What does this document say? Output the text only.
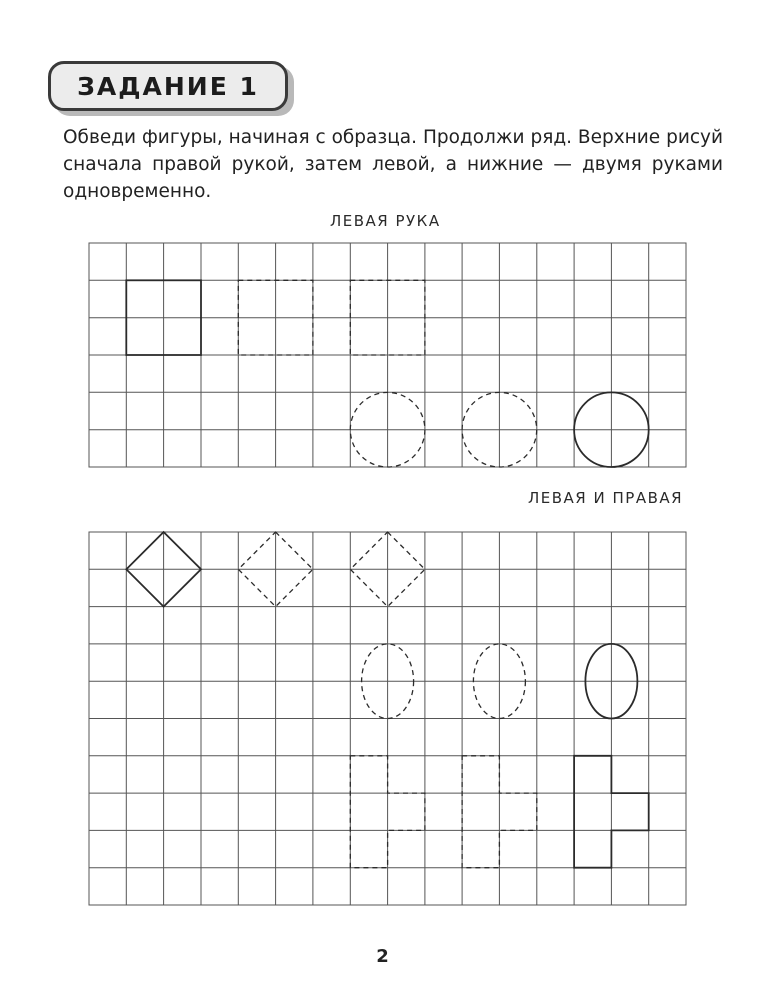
ЗАДАНИЕ 1
Обведи фигуры, начиная с образца. Продолжи ряд. Верхние рисуй сначала правой рукой, затем левой, а нижние — двумя руками одновременно.
ЛЕВАЯ РУКА
ЛЕВАЯ И ПРАВАЯ
2
